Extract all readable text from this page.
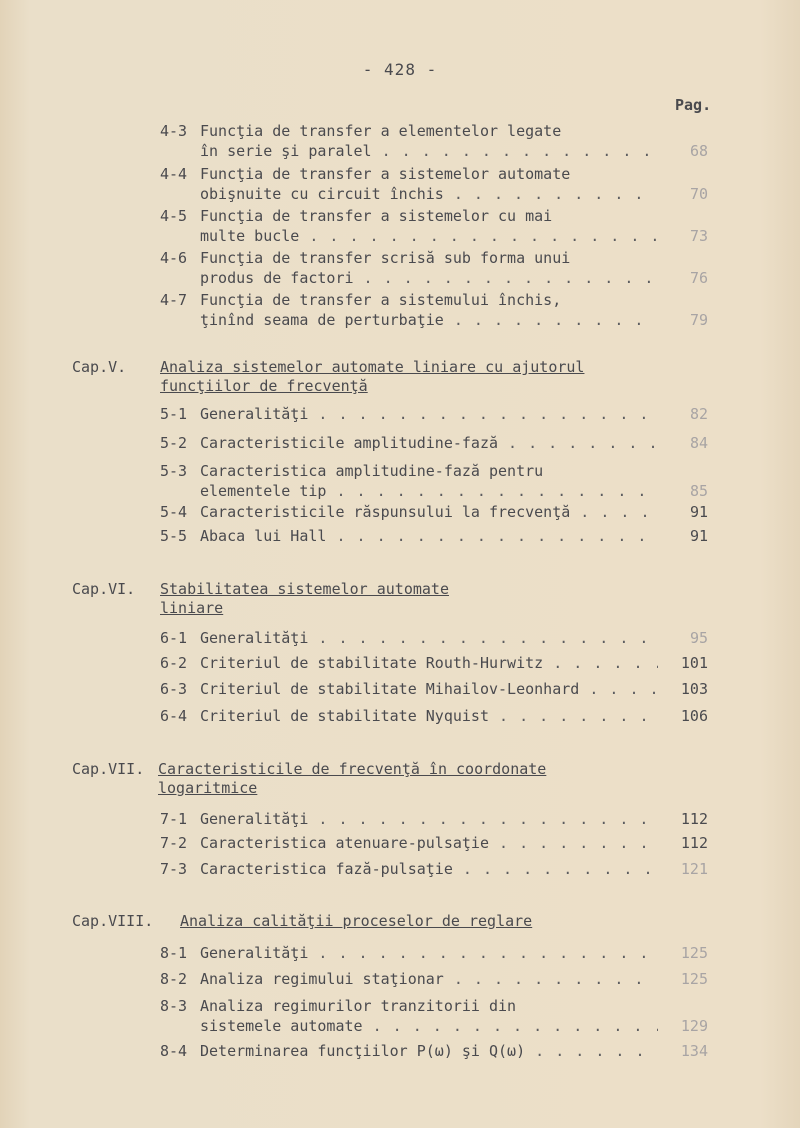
- 428 -
Pag.
4-3 Funcţia de transfer a elementelor legate
în serie şi paralel . . .	68
4-4 Funcţia de transfer a sistemelor automate
obişnuite cu circuit închis . . .	70
4-5 Funcţia de transfer a sistemelor cu mai
multe bucle . . .	73
4-6 Funcţia de transfer scrisă sub forma unui
produs de factori . . .	76
4-7 Funcţia de transfer a sistemului închis,
ţinînd seama de perturbaţie . . .	79
Cap.V. Analiza sistemelor automate liniare cu ajutorul
funcţiilor de frecvenţă
5-1 Generalităţi . . .	82
5-2 Caracteristicile amplitudine-fază . . .	84
5-3 Caracteristica amplitudine-fază pentru
elementele tip . . .	85
5-4 Caracteristicile răspunsului la frecvenţă . . .	91
5-5 Abaca lui Hall . . .	91
Cap.VI. Stabilitatea sistemelor automate
liniare
6-1 Generalităţi . . .	95
6-2 Criteriul de stabilitate Routh-Hurwitz . . .	101
6-3 Criteriul de stabilitate Mihailov-Leonhard . . .	103
6-4 Criteriul de stabilitate Nyquist . . .	106
Cap.VII. Caracteristicile de frecvenţă în coordonate
logaritmice
7-1 Generalităţi . . .	112
7-2 Caracteristica atenuare-pulsaţie . . .	112
7-3 Caracteristica fază-pulsaţie . . .	121
Cap.VIII. Analiza calităţii proceselor de reglare
8-1 Generalităţi . . .	125
8-2 Analiza regimului staţionar . . .	125
8-3 Analiza regimurilor tranzitorii din
sistemele automate . . .	129
8-4 Determinarea funcţiilor P(ω) şi Q(ω) . . .	134
